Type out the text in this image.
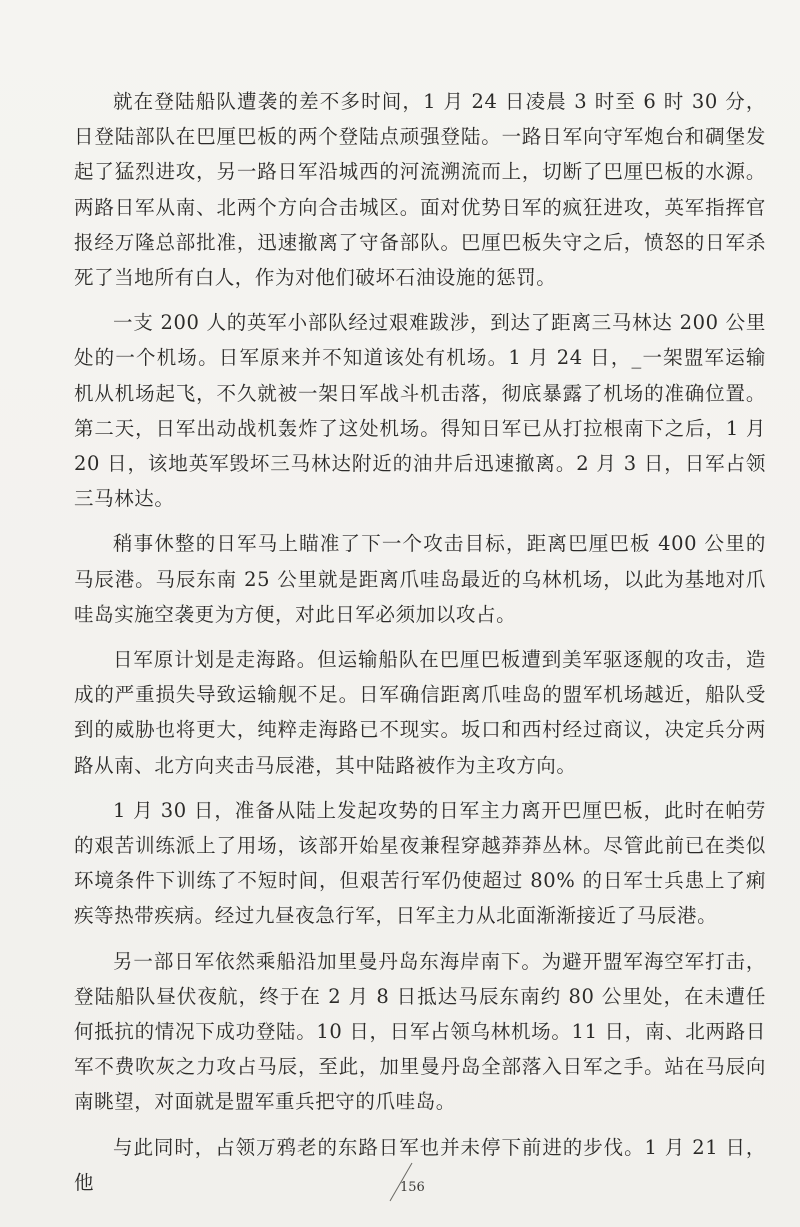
就在登陆船队遭袭的差不多时间，1 月 24 日凌晨 3 时至 6 时 30 分，日登陆部队在巴厘巴板的两个登陆点顽强登陆。一路日军向守军炮台和碉堡发起了猛烈进攻，另一路日军沿城西的河流溯流而上，切断了巴厘巴板的水源。两路日军从南、北两个方向合击城区。面对优势日军的疯狂进攻，英军指挥官报经万隆总部批准，迅速撤离了守备部队。巴厘巴板失守之后，愤怒的日军杀死了当地所有白人，作为对他们破坏石油设施的惩罚。

一支 200 人的英军小部队经过艰难跋涉，到达了距离三马林达 200 公里处的一个机场。日军原来并不知道该处有机场。1 月 24 日，_一架盟军运输机从机场起飞，不久就被一架日军战斗机击落，彻底暴露了机场的准确位置。第二天，日军出动战机轰炸了这处机场。得知日军已从打拉根南下之后，1 月 20 日，该地英军毁坏三马林达附近的油井后迅速撤离。2 月 3 日，日军占领三马林达。

稍事休整的日军马上瞄准了下一个攻击目标，距离巴厘巴板 400 公里的马辰港。马辰东南 25 公里就是距离爪哇岛最近的乌林机场，以此为基地对爪哇岛实施空袭更为方便，对此日军必须加以攻占。

日军原计划是走海路。但运输船队在巴厘巴板遭到美军驱逐舰的攻击，造成的严重损失导致运输舰不足。日军确信距离爪哇岛的盟军机场越近，船队受到的威胁也将更大，纯粹走海路已不现实。坂口和西村经过商议，决定兵分两路从南、北方向夹击马辰港，其中陆路被作为主攻方向。

1 月 30 日，准备从陆上发起攻势的日军主力离开巴厘巴板，此时在帕劳的艰苦训练派上了用场，该部开始星夜兼程穿越莽莽丛林。尽管此前已在类似环境条件下训练了不短时间，但艰苦行军仍使超过 80% 的日军士兵患上了痢疾等热带疾病。经过九昼夜急行军，日军主力从北面渐渐接近了马辰港。

另一部日军依然乘船沿加里曼丹岛东海岸南下。为避开盟军海空军打击，登陆船队昼伏夜航，终于在 2 月 8 日抵达马辰东南约 80 公里处，在未遭任何抵抗的情况下成功登陆。10 日，日军占领乌林机场。11 日，南、北两路日军不费吹灰之力攻占马辰，至此，加里曼丹岛全部落入日军之手。站在马辰向南眺望，对面就是盟军重兵把守的爪哇岛。

与此同时，占领万鸦老的东路日军也并未停下前进的步伐。1 月 21 日，他	156
